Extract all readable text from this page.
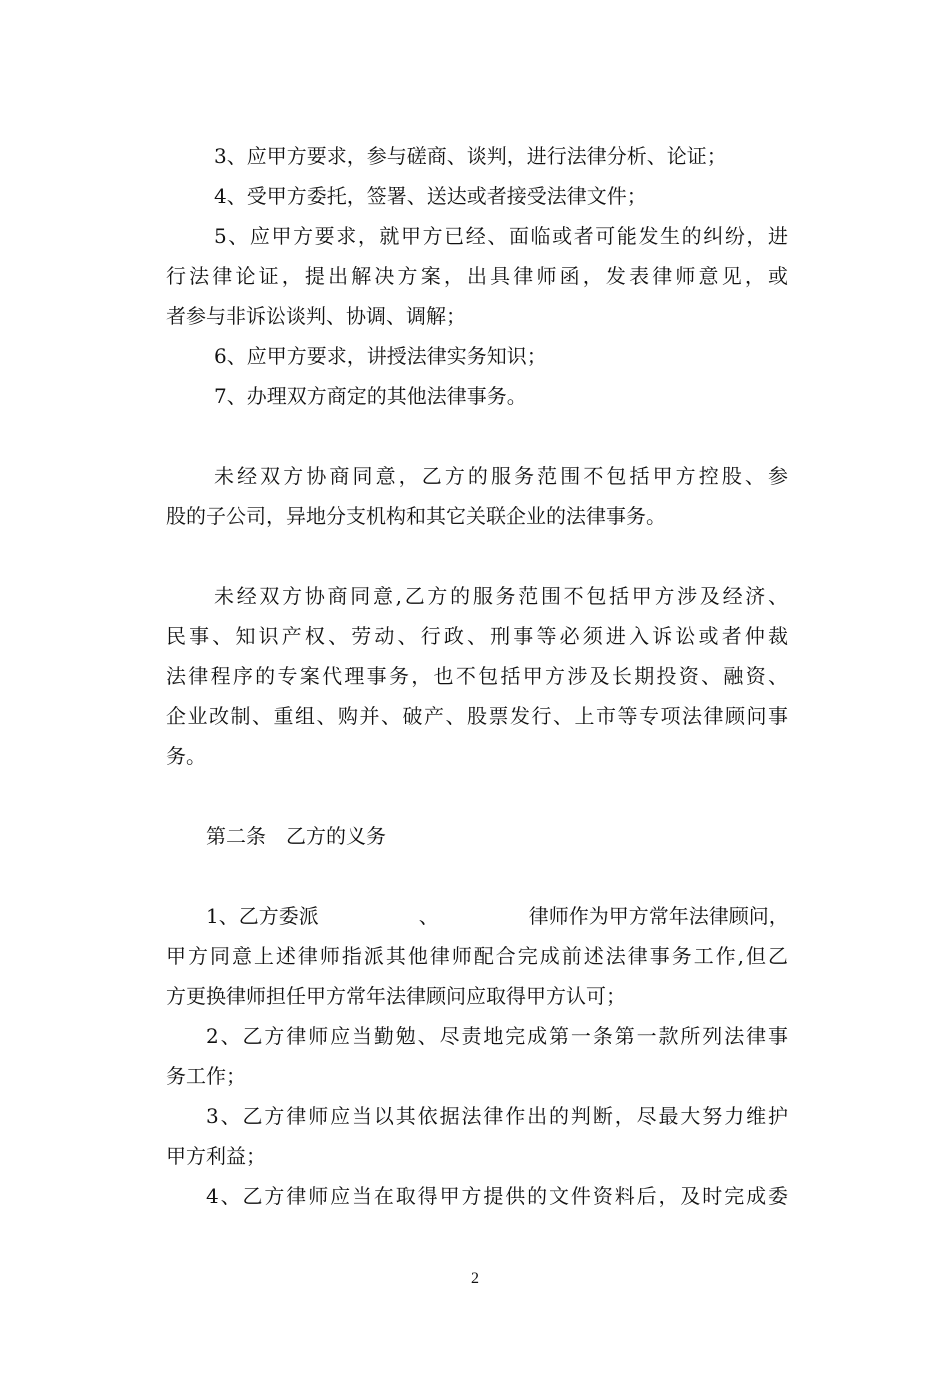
3、应甲方要求，参与磋商、谈判，进行法律分析、论证；
4、受甲方委托，签署、送达或者接受法律文件；
5、应甲方要求，就甲方已经、面临或者可能发生的纠纷，进
行法律论证，提出解决方案，出具律师函，发表律师意见，或
者参与非诉讼谈判、协调、调解；
6、应甲方要求，讲授法律实务知识；
7、办理双方商定的其他法律事务。
未经双方协商同意，乙方的服务范围不包括甲方控股、参
股的子公司，异地分支机构和其它关联企业的法律事务。
未经双方协商同意,乙方的服务范围不包括甲方涉及经济、
民事、知识产权、劳动、行政、刑事等必须进入诉讼或者仲裁
法律程序的专案代理事务，也不包括甲方涉及长期投资、融资、
企业改制、重组、购并、破产、股票发行、上市等专项法律顾问事
务。
第二条　乙方的义务
1、乙方委派　　　　　、　　　　　律师作为甲方常年法律顾问，
甲方同意上述律师指派其他律师配合完成前述法律事务工作,但乙
方更换律师担任甲方常年法律顾问应取得甲方认可；
2、乙方律师应当勤勉、尽责地完成第一条第一款所列法律事
务工作；
3、乙方律师应当以其依据法律作出的判断，尽最大努力维护
甲方利益；
4、乙方律师应当在取得甲方提供的文件资料后，及时完成委
2
